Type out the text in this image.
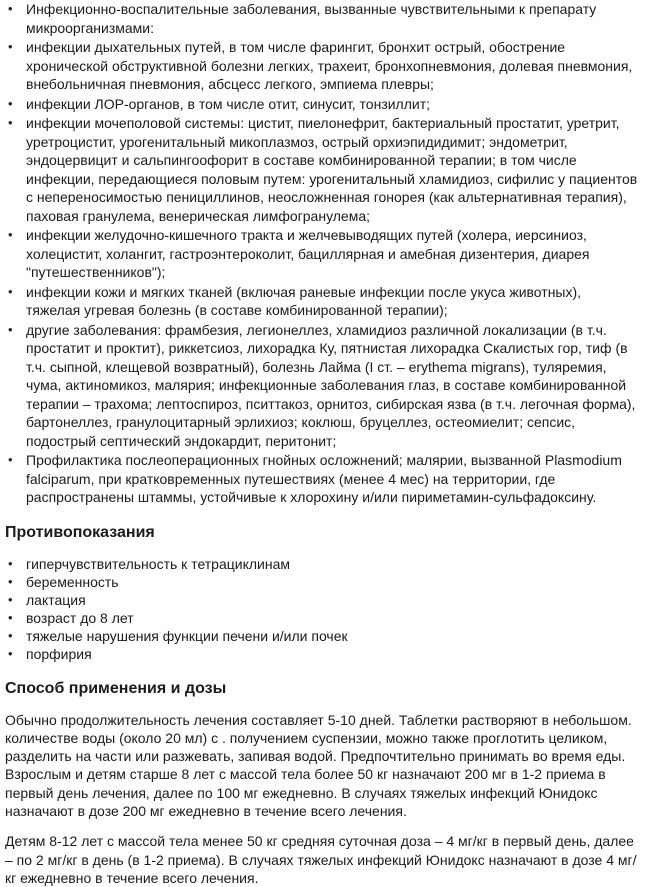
• Инфекционно-воспалительные заболевания, вызванные чувствительными к препарату микроорганизмами:
• инфекции дыхательных путей, в том числе фарингит, бронхит острый, обострение хронической обструктивной болезни легких, трахеит, бронхопневмония, долевая пневмония, внебольничная пневмония, абсцесс легкого, эмпиема плевры;
• инфекции ЛОР-органов, в том числе отит, синусит, тонзиллит;
• инфекции мочеполовой системы: цистит, пиелонефрит, бактериальный простатит, уретрит, уретроцистит, урогенитальный микоплазмоз, острый орхиэпидидимит; эндометрит, эндоцервицит и сальпингоофорит в составе комбинированной терапии; в том числе инфекции, передающиеся половым путем: урогенитальный хламидиоз, сифилис у пациентов с непереносимостью пенициллинов, неосложненная гонорея (как альтернативная терапия), паховая гранулема, венерическая лимфогранулема;
• инфекции желудочно-кишечного тракта и желчевыводящих путей (холера, иерсиниоз, холецистит, холангит, гастроэнтероколит, бациллярная и амебная дизентерия, диарея "путешественников");
• инфекции кожи и мягких тканей (включая раневые инфекции после укуса животных), тяжелая угревая болезнь (в составе комбинированной терапии);
• другие заболевания: фрамбезия, легионеллез, хламидиоз различной локализации (в т.ч. простатит и проктит), риккетсиоз, лихорадка Ку, пятнистая лихорадка Скалистых гор, тиф (в т.ч. сыпной, клещевой возвратный), болезнь Лайма (I ст. – erythema migrans), туляремия, чума, актиномикоз, малярия; инфекционные заболевания глаз, в составе комбинированной терапии – трахома; лептоспироз, пситтакоз, орнитоз, сибирская язва (в т.ч. легочная форма), бартонеллез, гранулоцитарный эрлихиоз; коклюш, бруцеллез, остеомиелит; сепсис, подострый септический эндокардит, перитонит;
• Профилактика послеоперационных гнойных осложнений; малярии, вызванной Plasmodium falciparum, при кратковременных путешествиях (менее 4 мес) на территории, где распространены штаммы, устойчивые к хлорохину и/или пириметамин-сульфадоксину.
Противопоказания
• гиперчувствительность к тетрациклинам
• беременность
• лактация
• возраст до 8 лет
• тяжелые нарушения функции печени и/или почек
• порфирия
Способ применения и дозы

Обычно продолжительность лечения составляет 5-10 дней. Таблетки растворяют в небольшом. количестве воды (около 20 мл) с . получением суспензии, можно также проглотить целиком, разделить на части или разжевать, запивая водой. Предпочтительно принимать во время еды. Взрослым и детям старше 8 лет с массой тела более 50 кг назначают 200 мг в 1-2 приема в первый день лечения, далее по 100 мг ежедневно. В случаях тяжелых инфекций Юнидокс назначают в дозе 200 мг ежедневно в течение всего лечения.

Детям 8-12 лет с массой тела менее 50 кг средняя суточная доза – 4 мг/кг в первый день, далее – по 2 мг/кг в день (в 1-2 приема). В случаях тяжелых инфекций Юнидокс назначают в дозе 4 мг/кг ежедневно в течение всего лечения.
